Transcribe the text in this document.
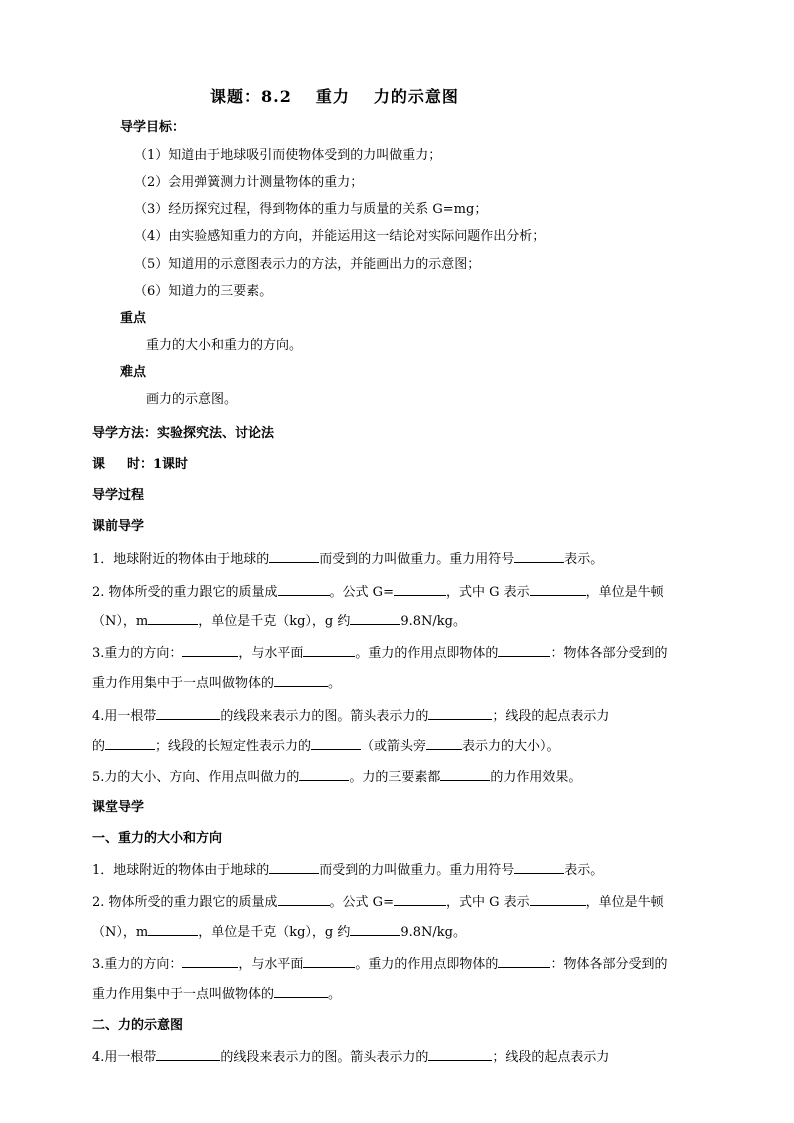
课题：8.2 重力 力的示意图
导学目标：
（1）知道由于地球吸引而使物体受到的力叫做重力；
（2）会用弹簧测力计测量物体的重力；
（3）经历探究过程，得到物体的重力与质量的关系 G=mg；
（4）由实验感知重力的方向，并能运用这一结论对实际问题作出分析；
（5）知道用的示意图表示力的方法，并能画出力的示意图；
（6）知道力的三要素。
重点
重力的大小和重力的方向。
难点
画力的示意图。
导学方法：实验探究法、讨论法
课 时：1课时
导学过程
课前导学
1．地球附近的物体由于地球的	而受到的力叫做重力。重力用符号	表示。
2. 物体所受的重力跟它的质量成	。公式 G=	，式中 G 表示	，单位是牛顿
（N），m	，单位是千克（kg），g 约	9.8N/kg。
3.重力的方向：	，与水平面	。重力的作用点即物体的	：物体各部分受到的
重力作用集中于一点叫做物体的	。
4.用一根带	的线段来表示力的图。箭头表示力的	；线段的起点表示力
的	；线段的长短定性表示力的	（或箭头旁	表示力的大小）。
5.力的大小、方向、作用点叫做力的	。力的三要素都	的力作用效果。
课堂导学
一、重力的大小和方向
1．地球附近的物体由于地球的	而受到的力叫做重力。重力用符号	表示。
2. 物体所受的重力跟它的质量成	。公式 G=	，式中 G 表示	，单位是牛顿
（N），m	，单位是千克（kg），g 约	9.8N/kg。
3.重力的方向：	，与水平面	。重力的作用点即物体的	：物体各部分受到的
重力作用集中于一点叫做物体的	。
二、力的示意图
4.用一根带	的线段来表示力的图。箭头表示力的	；线段的起点表示力
